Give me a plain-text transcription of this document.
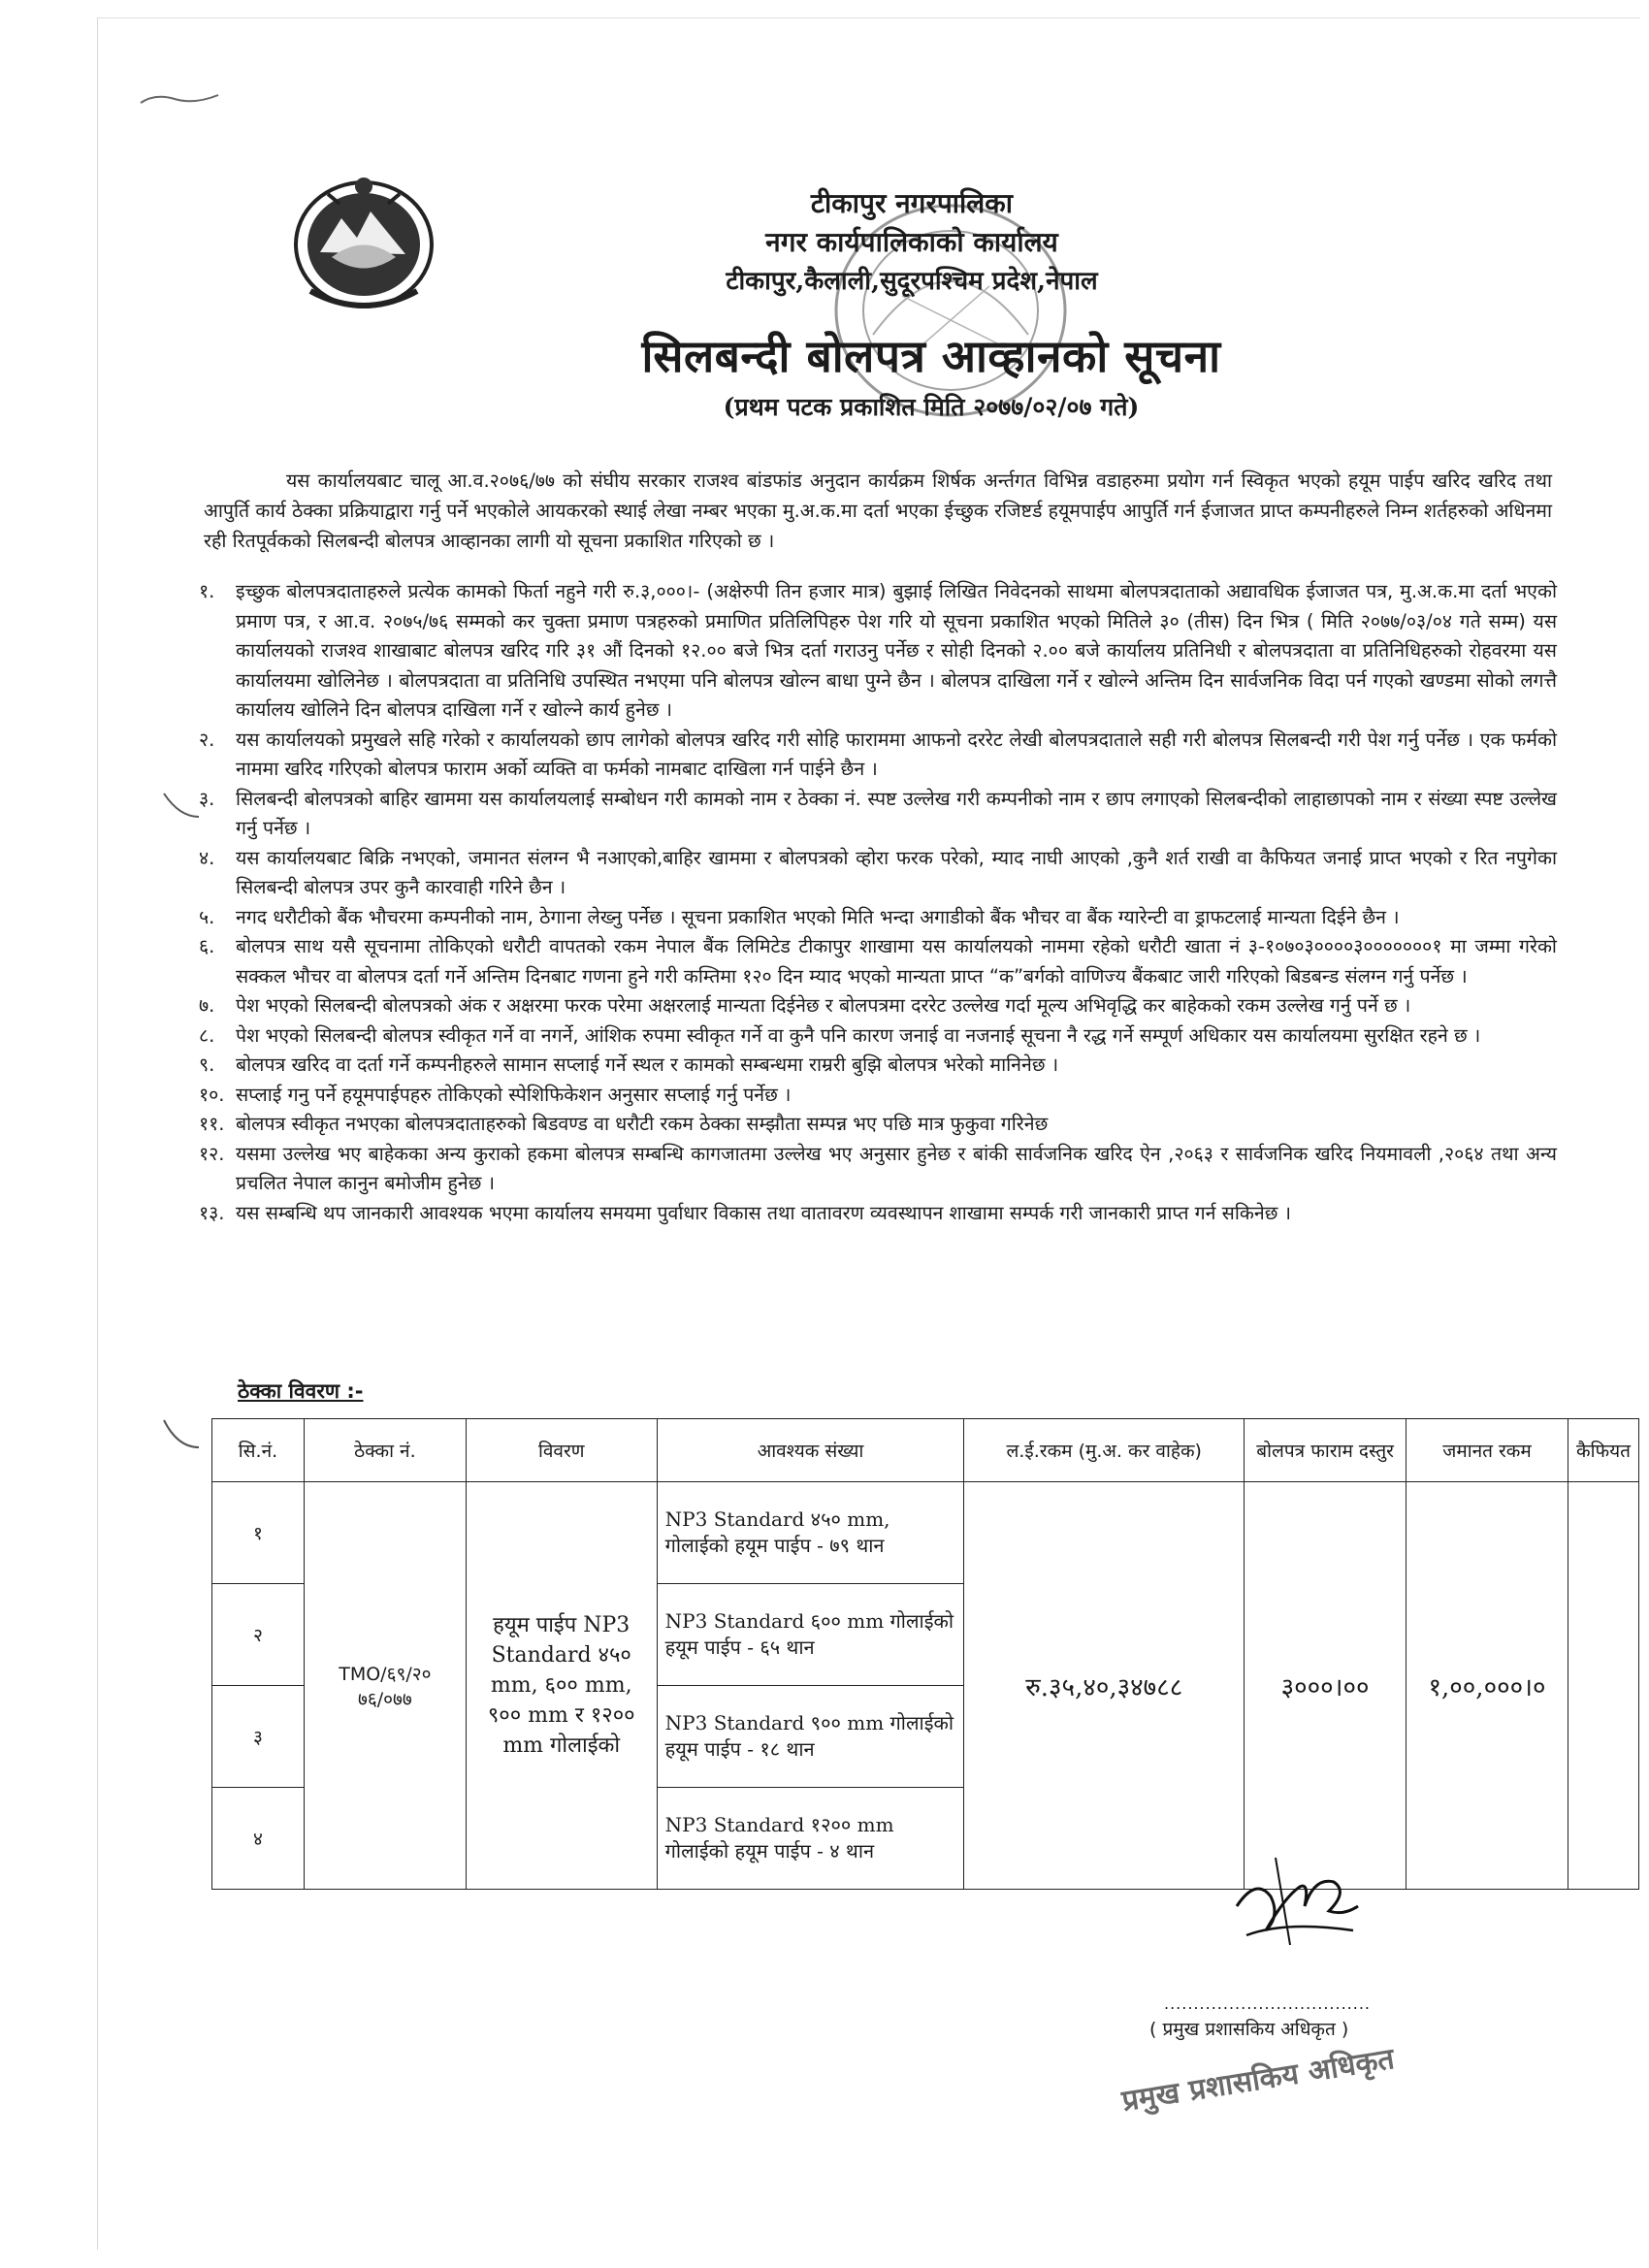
टीकापुर नगरपालिका
नगर कार्यपालिकाको कार्यालय
टीकापुर,कैलाली,सुदूरपश्चिम प्रदेश,नेपाल
सिलबन्दी बोलपत्र आव्हानको सूचना
(प्रथम पटक प्रकाशित मिति २०७७/०२/०७ गते)

यस कार्यालयबाट चालू आ.व.२०७६/७७ को संघीय सरकार राजश्व बांडफांड अनुदान कार्यक्रम शिर्षक अर्न्तगत विभिन्न वडाहरुमा प्रयोग गर्न स्विकृत भएको हयूम पाईप खरिद खरिद तथा आपुर्ति कार्य ठेक्का प्रक्रियाद्वारा गर्नु पर्ने भएकोले आयकरको स्थाई लेखा नम्बर भएका मु.अ.क.मा दर्ता भएका ईच्छुक रजिष्टर्ड हयूमपाईप आपुर्ति गर्न ईजाजत प्राप्त कम्पनीहरुले निम्न शर्तहरुको अधिनमा रही रितपूर्वकको सिलबन्दी बोलपत्र आव्हानका लागी यो सूचना प्रकाशित गरिएको छ ।

१. इच्छुक बोलपत्रदाताहरुले प्रत्येक कामको फिर्ता नहुने गरी रु.३,०००।- (अक्षेरुपी तिन हजार मात्र) बुझाई लिखित निवेदनको साथमा बोलपत्रदाताको अद्यावधिक ईजाजत पत्र, मु.अ.क.मा दर्ता भएको प्रमाण पत्र, र आ.व. २०७५/७६ सम्मको कर चुक्ता प्रमाण पत्रहरुको प्रमाणित प्रतिलिपिहरु पेश गरि यो सूचना प्रकाशित भएको मितिले ३० (तीस) दिन भित्र ( मिति २०७७/०३/०४ गते सम्म) यस कार्यालयको राजश्व शाखाबाट बोलपत्र खरिद गरि ३१ औं दिनको १२.०० बजे भित्र दर्ता गराउनु पर्नेछ र सोही दिनको २.०० बजे कार्यालय प्रतिनिधी र बोलपत्रदाता वा प्रतिनिधिहरुको रोहवरमा यस कार्यालयमा खोलिनेछ । बोलपत्रदाता वा प्रतिनिधि उपस्थित नभएमा पनि बोलपत्र खोल्न बाधा पुग्ने छैन । बोलपत्र दाखिला गर्ने र खोल्ने अन्तिम दिन सार्वजनिक विदा पर्न गएको खण्डमा सोको लगत्तै कार्यालय खोलिने दिन बोलपत्र दाखिला गर्ने र खोल्ने कार्य हुनेछ ।
२. यस कार्यालयको प्रमुखले सहि गरेको र कार्यालयको छाप लागेको बोलपत्र खरिद गरी सोहि फाराममा आफनो दररेट लेखी बोलपत्रदाताले सही गरी बोलपत्र सिलबन्दी गरी पेश गर्नु पर्नेछ । एक फर्मको नाममा खरिद गरिएको बोलपत्र फाराम अर्को व्यक्ति वा फर्मको नामबाट दाखिला गर्न पाईने छैन ।
३. सिलबन्दी बोलपत्रको बाहिर खाममा यस कार्यालयलाई सम्बोधन गरी कामको नाम र ठेक्का नं. स्पष्ट उल्लेख गरी कम्पनीको नाम र छाप लगाएको सिलबन्दीको लाहाछापको नाम र संख्या स्पष्ट उल्लेख गर्नु पर्नेछ ।
४. यस कार्यालयबाट बिक्रि नभएको, जमानत संलग्न भै नआएको,बाहिर खाममा र बोलपत्रको व्होरा फरक परेको, म्याद नाघी आएको ,कुनै शर्त राखी वा कैफियत जनाई प्राप्त भएको र रित नपुगेका सिलबन्दी बोलपत्र उपर कुनै कारवाही गरिने छैन ।
५. नगद धरौटीको बैंक भौचरमा कम्पनीको नाम, ठेगाना लेख्नु पर्नेछ । सूचना प्रकाशित भएको मिति भन्दा अगाडीको बैंक भौचर वा बैंक ग्यारेन्टी वा ड्राफटलाई मान्यता दिईने छैन ।
६. बोलपत्र साथ यसै सूचनामा तोकिएको धरौटी वापतको रकम नेपाल बैंक लिमिटेड टीकापुर शाखामा यस कार्यालयको नाममा रहेको धरौटी खाता नं ३-१०७०३००००३०००००००१ मा जम्मा गरेको सक्कल भौचर वा बोलपत्र दर्ता गर्ने अन्तिम दिनबाट गणना हुने गरी कम्तिमा १२० दिन म्याद भएको मान्यता प्राप्त “क”बर्गको वाणिज्य बैंकबाट जारी गरिएको बिडबन्ड संलग्न गर्नु पर्नेछ ।
७. पेश भएको सिलबन्दी बोलपत्रको अंक र अक्षरमा फरक परेमा अक्षरलाई मान्यता दिईनेछ र बोलपत्रमा दररेट उल्लेख गर्दा मूल्य अभिवृद्धि कर बाहेकको रकम उल्लेख गर्नु पर्ने छ ।
८. पेश भएको सिलबन्दी बोलपत्र स्वीकृत गर्ने वा नगर्ने, आंशिक रुपमा स्वीकृत गर्ने वा कुनै पनि कारण जनाई वा नजनाई सूचना नै रद्ध गर्ने सम्पूर्ण अधिकार यस कार्यालयमा सुरक्षित रहने छ ।
९. बोलपत्र खरिद वा दर्ता गर्ने कम्पनीहरुले सामान सप्लाई गर्ने स्थल र कामको सम्बन्धमा राम्ररी बुझि बोलपत्र भरेको मानिनेछ ।
१०. सप्लाई गनु पर्ने हयूमपाईपहरु तोकिएको स्पेशिफिकेशन अनुसार सप्लाई गर्नु पर्नेछ ।
११. बोलपत्र स्वीकृत नभएका बोलपत्रदाताहरुको बिडवण्ड वा धरौटी रकम ठेक्का सम्झौता सम्पन्न भए पछि मात्र फुकुवा गरिनेछ
१२. यसमा उल्लेख भए बाहेकका अन्य कुराको हकमा बोलपत्र सम्बन्धि कागजातमा उल्लेख भए अनुसार हुनेछ र बांकी सार्वजनिक खरिद ऐन ,२०६३ र सार्वजनिक खरिद नियमावली ,२०६४ तथा अन्य प्रचलित नेपाल कानुन बमोजीम हुनेछ ।
१३. यस सम्बन्धि थप जानकारी आवश्यक भएमा कार्यालय समयमा पुर्वाधार विकास तथा वातावरण व्यवस्थापन शाखामा सम्पर्क गरी जानकारी प्राप्त गर्न सकिनेछ ।
ठेक्का विवरण :-
सि.नं.	ठेक्का नं.	विवरण	आवश्यक संख्या	ल.ई.रकम (मु.अ. कर वाहेक)	बोलपत्र फाराम दस्तुर	जमानत रकम	कैफियत
१	TMO/६९/२० ७६/०७७	हयूम पाईप NP3 Standard ४५० mm, ६०० mm, ९०० mm र १२०० mm गोलाईको	NP3 Standard ४५० mm, गोलाईको हयूम पाईप - ७९ थान	रु.३५,४०,३४७८८	३०००।००	१,००,०००।०	
२			NP3 Standard ६०० mm गोलाईको हयूम पाईप - ६५ थान				
३			NP3 Standard ९०० mm गोलाईको हयूम पाईप - १८ थान				
४			NP3 Standard १२०० mm गोलाईको हयूम पाईप - ४ थान				
...................................
( प्रमुख प्रशासकिय अधिकृत )
प्रमुख प्रशासकिय अधिकृत
